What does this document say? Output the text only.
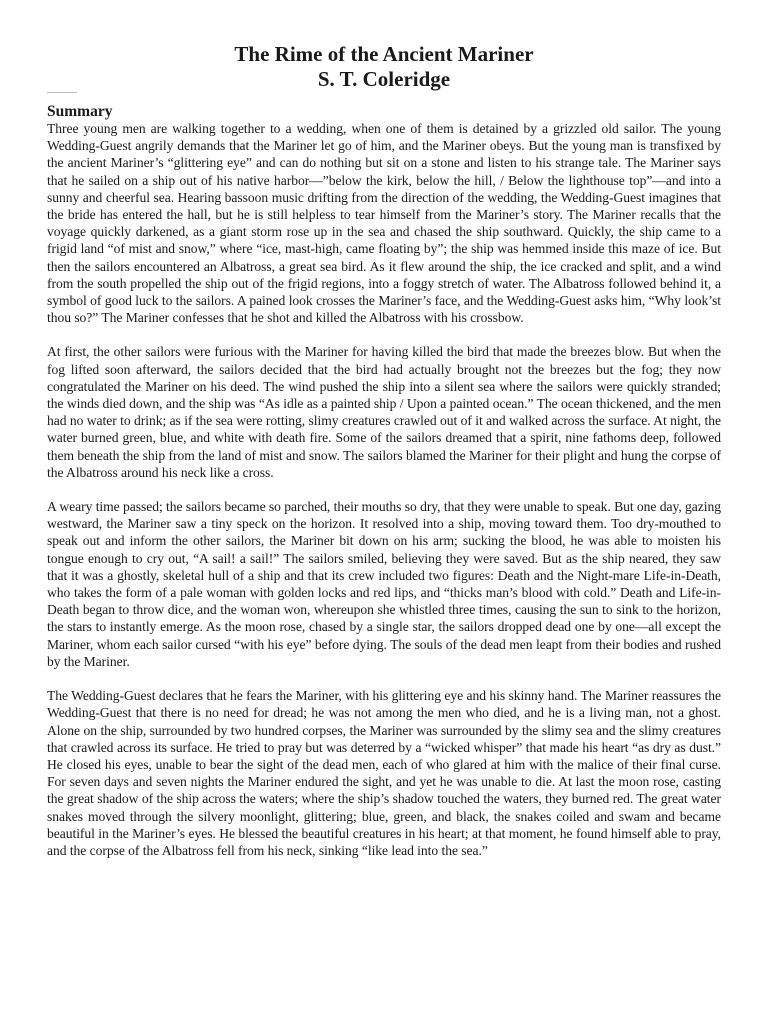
The Rime of the Ancient Mariner
S. T. Coleridge
Summary

Three young men are walking together to a wedding, when one of them is detained by a grizzled old sailor. The young Wedding-Guest angrily demands that the Mariner let go of him, and the Mariner obeys. But the young man is transfixed by the ancient Mariner’s “glittering eye” and can do nothing but sit on a stone and listen to his strange tale. The Mariner says that he sailed on a ship out of his native harbor—”below the kirk, below the hill, / Below the lighthouse top”—and into a sunny and cheerful sea. Hearing bassoon music drifting from the direction of the wedding, the Wedding-Guest imagines that the bride has entered the hall, but he is still helpless to tear himself from the Mariner’s story. The Mariner recalls that the voyage quickly darkened, as a giant storm rose up in the sea and chased the ship southward. Quickly, the ship came to a frigid land “of mist and snow,” where “ice, mast-high, came floating by”; the ship was hemmed inside this maze of ice. But then the sailors encountered an Albatross, a great sea bird. As it flew around the ship, the ice cracked and split, and a wind from the south propelled the ship out of the frigid regions, into a foggy stretch of water. The Albatross followed behind it, a symbol of good luck to the sailors. A pained look crosses the Mariner’s face, and the Wedding-Guest asks him, “Why look’st thou so?” The Mariner confesses that he shot and killed the Albatross with his crossbow.

At first, the other sailors were furious with the Mariner for having killed the bird that made the breezes blow. But when the fog lifted soon afterward, the sailors decided that the bird had actually brought not the breezes but the fog; they now congratulated the Mariner on his deed. The wind pushed the ship into a silent sea where the sailors were quickly stranded; the winds died down, and the ship was “As idle as a painted ship / Upon a painted ocean.” The ocean thickened, and the men had no water to drink; as if the sea were rotting, slimy creatures crawled out of it and walked across the surface. At night, the water burned green, blue, and white with death fire. Some of the sailors dreamed that a spirit, nine fathoms deep, followed them beneath the ship from the land of mist and snow. The sailors blamed the Mariner for their plight and hung the corpse of the Albatross around his neck like a cross.

A weary time passed; the sailors became so parched, their mouths so dry, that they were unable to speak. But one day, gazing westward, the Mariner saw a tiny speck on the horizon. It resolved into a ship, moving toward them. Too dry-mouthed to speak out and inform the other sailors, the Mariner bit down on his arm; sucking the blood, he was able to moisten his tongue enough to cry out, “A sail! a sail!” The sailors smiled, believing they were saved. But as the ship neared, they saw that it was a ghostly, skeletal hull of a ship and that its crew included two figures: Death and the Night-mare Life-in-Death, who takes the form of a pale woman with golden locks and red lips, and “thicks man’s blood with cold.” Death and Life-in-Death began to throw dice, and the woman won, whereupon she whistled three times, causing the sun to sink to the horizon, the stars to instantly emerge. As the moon rose, chased by a single star, the sailors dropped dead one by one—all except the Mariner, whom each sailor cursed “with his eye” before dying. The souls of the dead men leapt from their bodies and rushed by the Mariner.

The Wedding-Guest declares that he fears the Mariner, with his glittering eye and his skinny hand. The Mariner reassures the Wedding-Guest that there is no need for dread; he was not among the men who died, and he is a living man, not a ghost. Alone on the ship, surrounded by two hundred corpses, the Mariner was surrounded by the slimy sea and the slimy creatures that crawled across its surface. He tried to pray but was deterred by a “wicked whisper” that made his heart “as dry as dust.” He closed his eyes, unable to bear the sight of the dead men, each of who glared at him with the malice of their final curse. For seven days and seven nights the Mariner endured the sight, and yet he was unable to die. At last the moon rose, casting the great shadow of the ship across the waters; where the ship’s shadow touched the waters, they burned red. The great water snakes moved through the silvery moonlight, glittering; blue, green, and black, the snakes coiled and swam and became beautiful in the Mariner’s eyes. He blessed the beautiful creatures in his heart; at that moment, he found himself able to pray, and the corpse of the Albatross fell from his neck, sinking “like lead into the sea.”
